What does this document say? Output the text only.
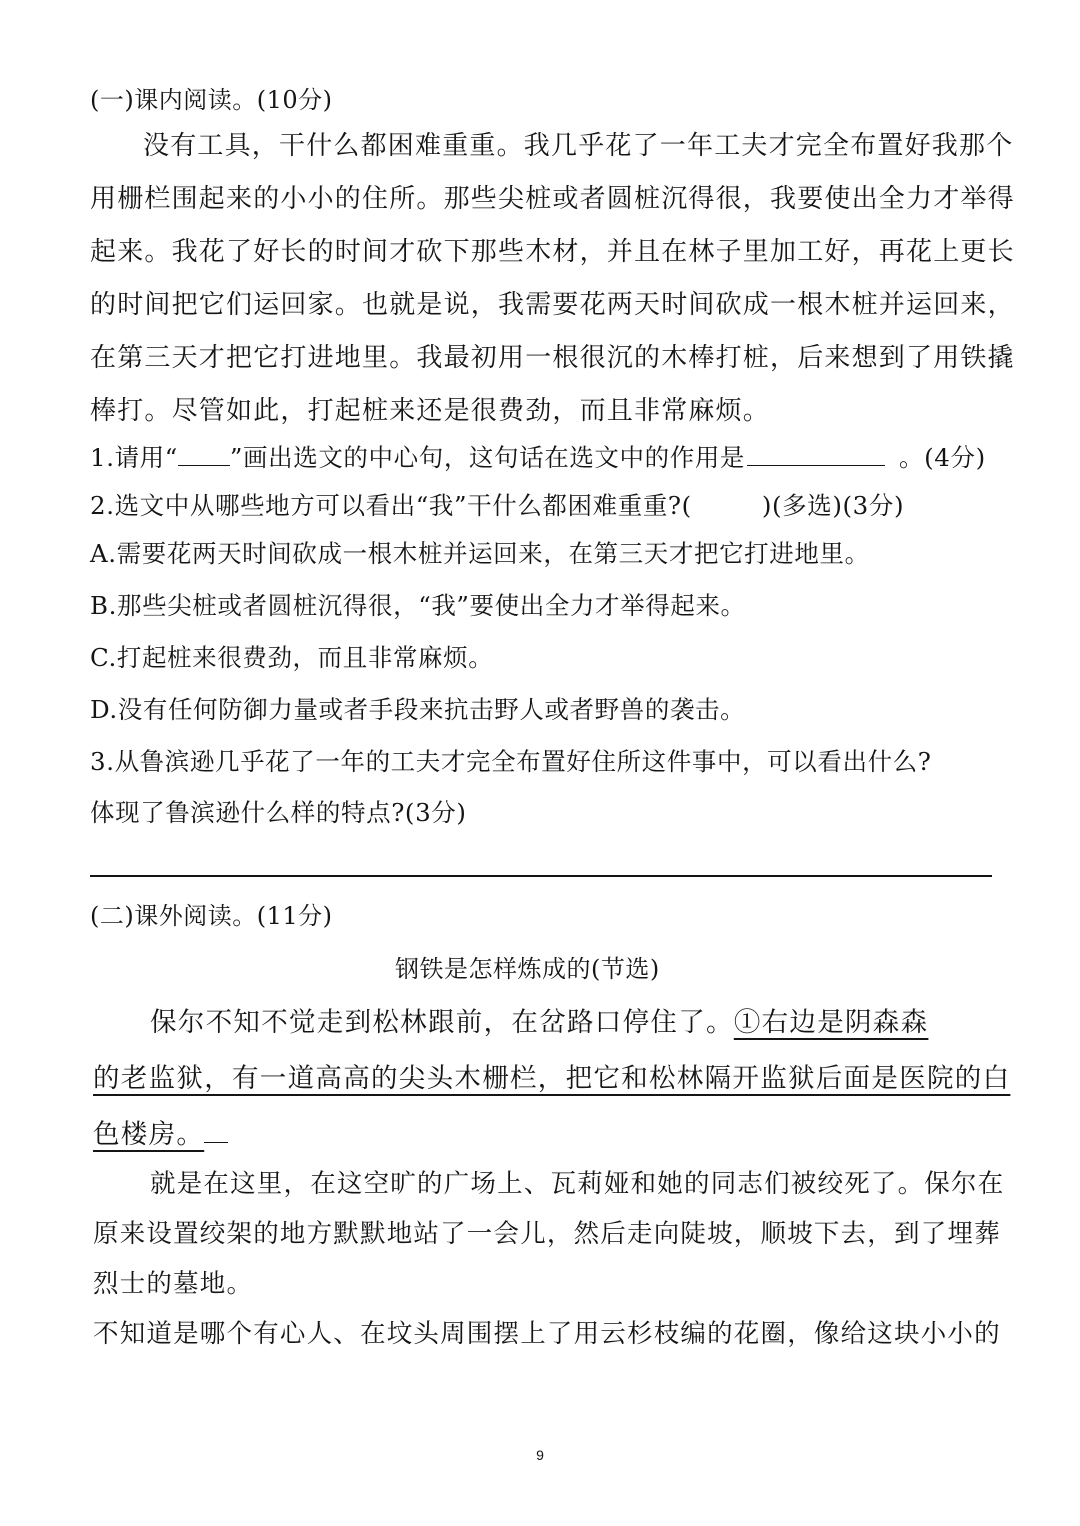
(一)课内阅读。(10分)
没有工具，干什么都困难重重。我几乎花了一年工夫才完全布置好我那个
用栅栏围起来的小小的住所。那些尖桩或者圆桩沉得很，我要使出全力才举得
起来。我花了好长的时间才砍下那些木材，并且在林子里加工好，再花上更长
的时间把它们运回家。也就是说，我需要花两天时间砍成一根木桩并运回来，
在第三天才把它打进地里。我最初用一根很沉的木棒打桩，后来想到了用铁撬
棒打。尽管如此，打起桩来还是很费劲，而且非常麻烦。
1.请用“ ”画出选文的中心句，这句话在选文中的作用是	。(4分)
2.选文中从哪些地方可以看出“我”干什么都困难重重?(	)(多选)(3分)
A.需要花两天时间砍成一根木桩并运回来，在第三天才把它打进地里。
B.那些尖桩或者圆桩沉得很，“我”要使出全力才举得起来。
C.打起桩来很费劲，而且非常麻烦。
D.没有任何防御力量或者手段来抗击野人或者野兽的袭击。
3.从鲁滨逊几乎花了一年的工夫才完全布置好住所这件事中，可以看出什么?
体现了鲁滨逊什么样的特点?(3分)
(二)课外阅读。(11分)
钢铁是怎样炼成的(节选)
保尔不知不觉走到松林跟前，在岔路口停住了。①右边是阴森森
的老监狱，有一道高高的尖头木栅栏，把它和松林隔开监狱后面是医院的白
色楼房。
就是在这里，在这空旷的广场上、瓦莉娅和她的同志们被绞死了。保尔在
原来设置绞架的地方默默地站了一会儿，然后走向陡坡，顺坡下去，到了埋葬
烈士的墓地。
不知道是哪个有心人、在坟头周围摆上了用云杉枝编的花圈，像给这块小小的
9
